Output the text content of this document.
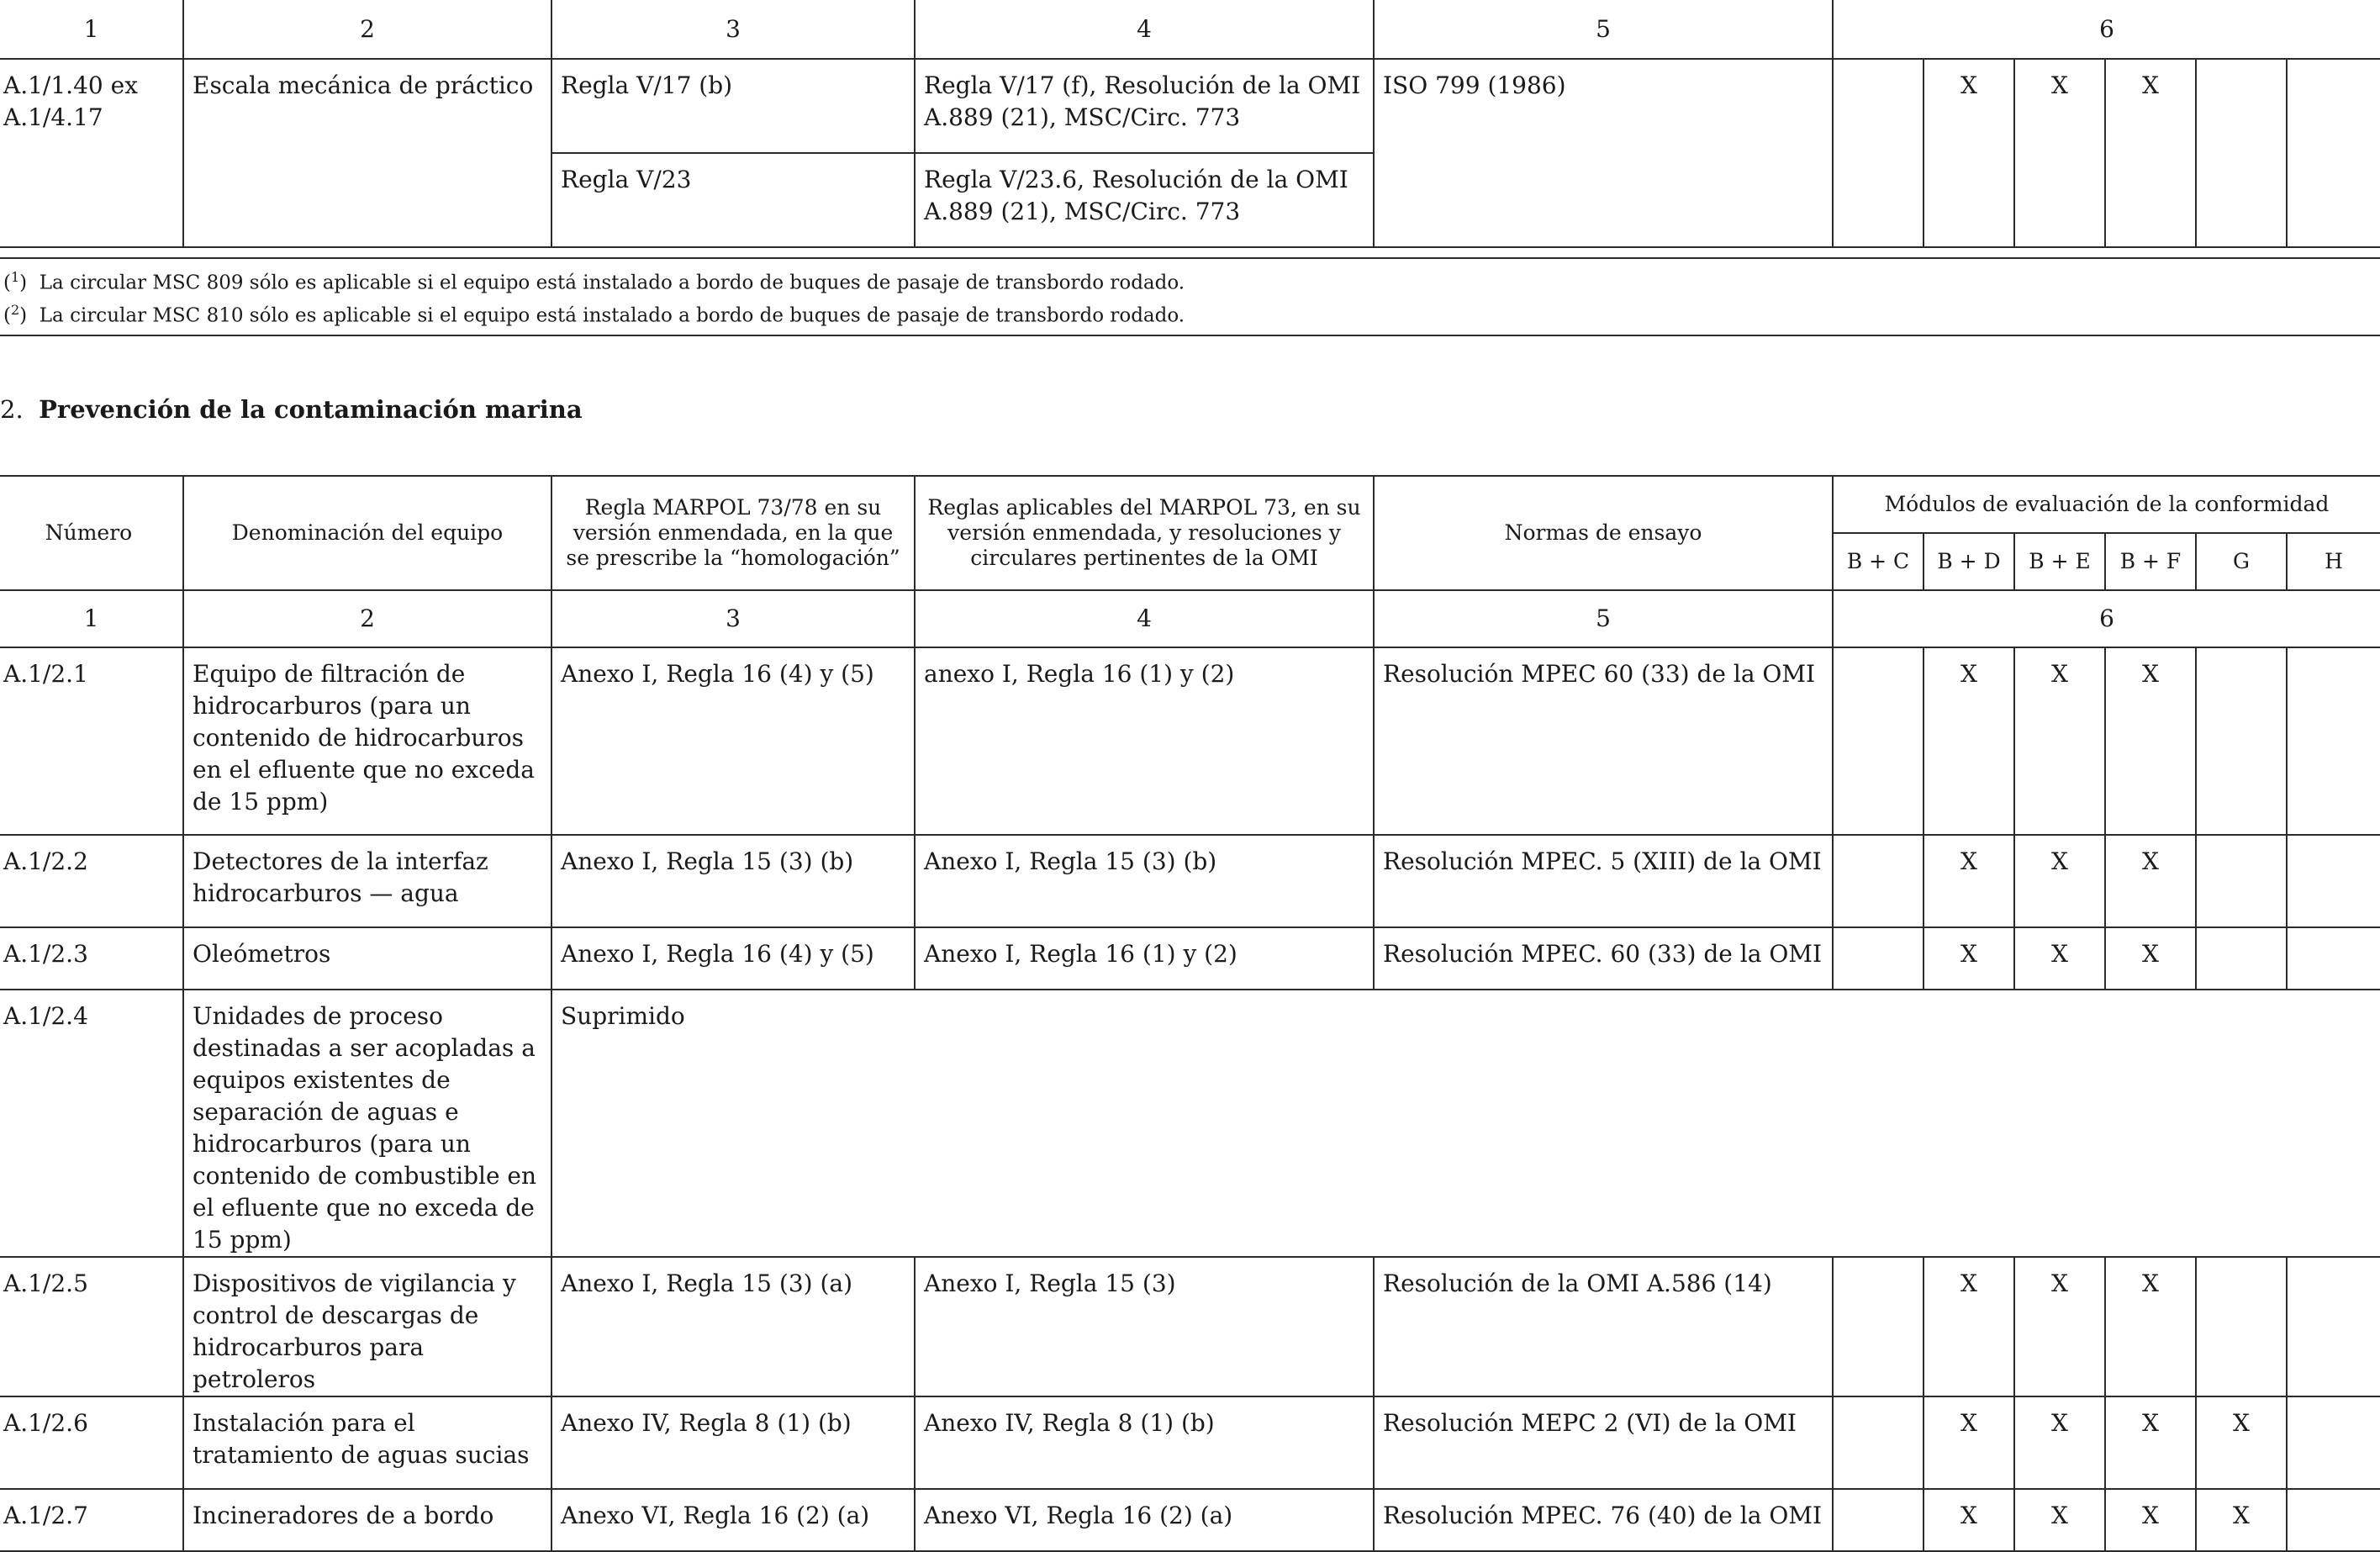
1	2	3	4	5	6					
A.1/1.40 ex A.1/4.17	Escala mecánica de práctico	Regla V/17 (b)	Regla V/17 (f), Resolución de la OMI A.889 (21), MSC/Circ. 773	ISO 799 (1986)		X	X	X		
		Regla V/23	Regla V/23.6, Resolución de la OMI A.889 (21), MSC/Circ. 773							
($^1$)  La circular MSC 809 sólo es aplicable si el equipo está instalado a bordo de buques de pasaje de transbordo rodado.
($^2$)  La circular MSC 810 sólo es aplicable si el equipo está instalado a bordo de buques de pasaje de transbordo rodado.
2. Prevención de la contaminación marina
Número	Denominación del equipo	Regla MARPOL 73/78 en su versión enmendada, en la que se prescribe la “homologación”	Reglas aplicables del MARPOL 73, en su versión enmendada, y resoluciones y circulares pertinentes de la OMI	Normas de ensayo	Módulos de evaluación de la conformidad					
					B + C	B + D	B + E	B + F	G	H
1	2	3	4	5	6					
A.1/2.1	Equipo de filtración de hidrocarburos (para un contenido de hidrocarburos en el efluente que no exceda de 15 ppm)	Anexo I, Regla 16 (4) y (5)	anexo I, Regla 16 (1) y (2)	Resolución MPEC 60 (33) de la OMI		X	X	X		
A.1/2.2	Detectores de la interfaz hidrocarburos — agua	Anexo I, Regla 15 (3) (b)	Anexo I, Regla 15 (3) (b)	Resolución MPEC. 5 (XIII) de la OMI		X	X	X		
A.1/2.3	Oleómetros	Anexo I, Regla 16 (4) y (5)	Anexo I, Regla 16 (1) y (2)	Resolución MPEC. 60 (33) de la OMI		X	X	X		
A.1/2.4	Unidades de proceso destinadas a ser acopladas a equipos existentes de separación de aguas e hidrocarburos (para un contenido de combustible en el efluente que no exceda de 15 ppm)	Suprimido								
A.1/2.5	Dispositivos de vigilancia y control de descargas de hidrocarburos para petroleros	Anexo I, Regla 15 (3) (a)	Anexo I, Regla 15 (3)	Resolución de la OMI A.586 (14)		X	X	X		
A.1/2.6	Instalación para el tratamiento de aguas sucias	Anexo IV, Regla 8 (1) (b)	Anexo IV, Regla 8 (1) (b)	Resolución MEPC 2 (VI) de la OMI		X	X	X	X	
A.1/2.7	Incineradores de a bordo	Anexo VI, Regla 16 (2) (a)	Anexo VI, Regla 16 (2) (a)	Resolución MPEC. 76 (40) de la OMI		X	X	X	X	
